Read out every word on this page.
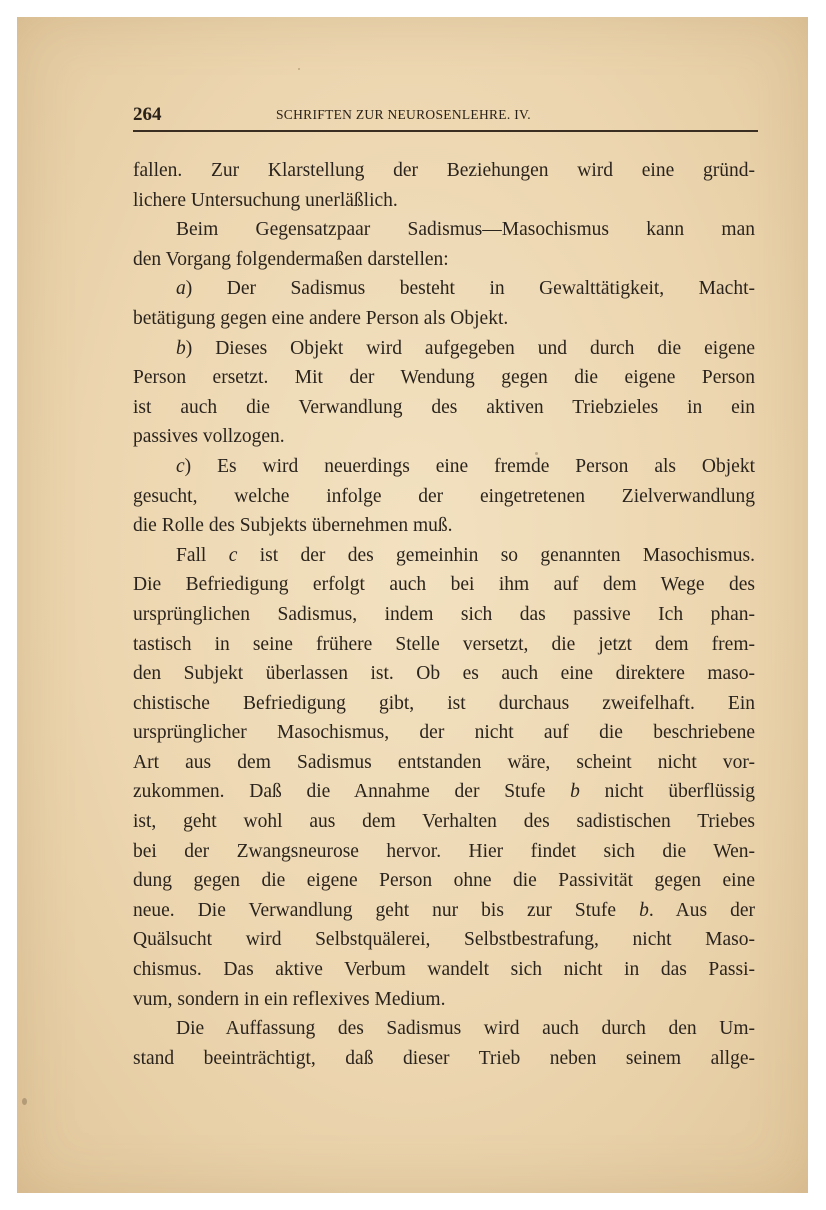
264	SCHRIFTEN ZUR NEUROSENLEHRE. IV.
fallen. Zur Klarstellung der Beziehungen wird eine gründ-
lichere Untersuchung unerläßlich.
Beim Gegensatzpaar Sadismus—Masochismus kann man
den Vorgang folgendermaßen darstellen:
a) Der Sadismus besteht in Gewalttätigkeit, Macht-
betätigung gegen eine andere Person als Objekt.
b) Dieses Objekt wird aufgegeben und durch die eigene
Person ersetzt. Mit der Wendung gegen die eigene Person
ist auch die Verwandlung des aktiven Triebzieles in ein
passives vollzogen.
c) Es wird neuerdings eine fremde Person als Objekt
gesucht, welche infolge der eingetretenen Zielverwandlung
die Rolle des Subjekts übernehmen muß.
Fall c ist der des gemeinhin so genannten Masochismus.
Die Befriedigung erfolgt auch bei ihm auf dem Wege des
ursprünglichen Sadismus, indem sich das passive Ich phan-
tastisch in seine frühere Stelle versetzt, die jetzt dem frem-
den Subjekt überlassen ist. Ob es auch eine direktere maso-
chistische Befriedigung gibt, ist durchaus zweifelhaft. Ein
ursprünglicher Masochismus, der nicht auf die beschriebene
Art aus dem Sadismus entstanden wäre, scheint nicht vor-
zukommen. Daß die Annahme der Stufe b nicht überflüssig
ist, geht wohl aus dem Verhalten des sadistischen Triebes
bei der Zwangsneurose hervor. Hier findet sich die Wen-
dung gegen die eigene Person ohne die Passivität gegen eine
neue. Die Verwandlung geht nur bis zur Stufe b. Aus der
Quälsucht wird Selbstquälerei, Selbstbestrafung, nicht Maso-
chismus. Das aktive Verbum wandelt sich nicht in das Passi-
vum, sondern in ein reflexives Medium.
Die Auffassung des Sadismus wird auch durch den Um-
stand beeinträchtigt, daß dieser Trieb neben seinem allge-
